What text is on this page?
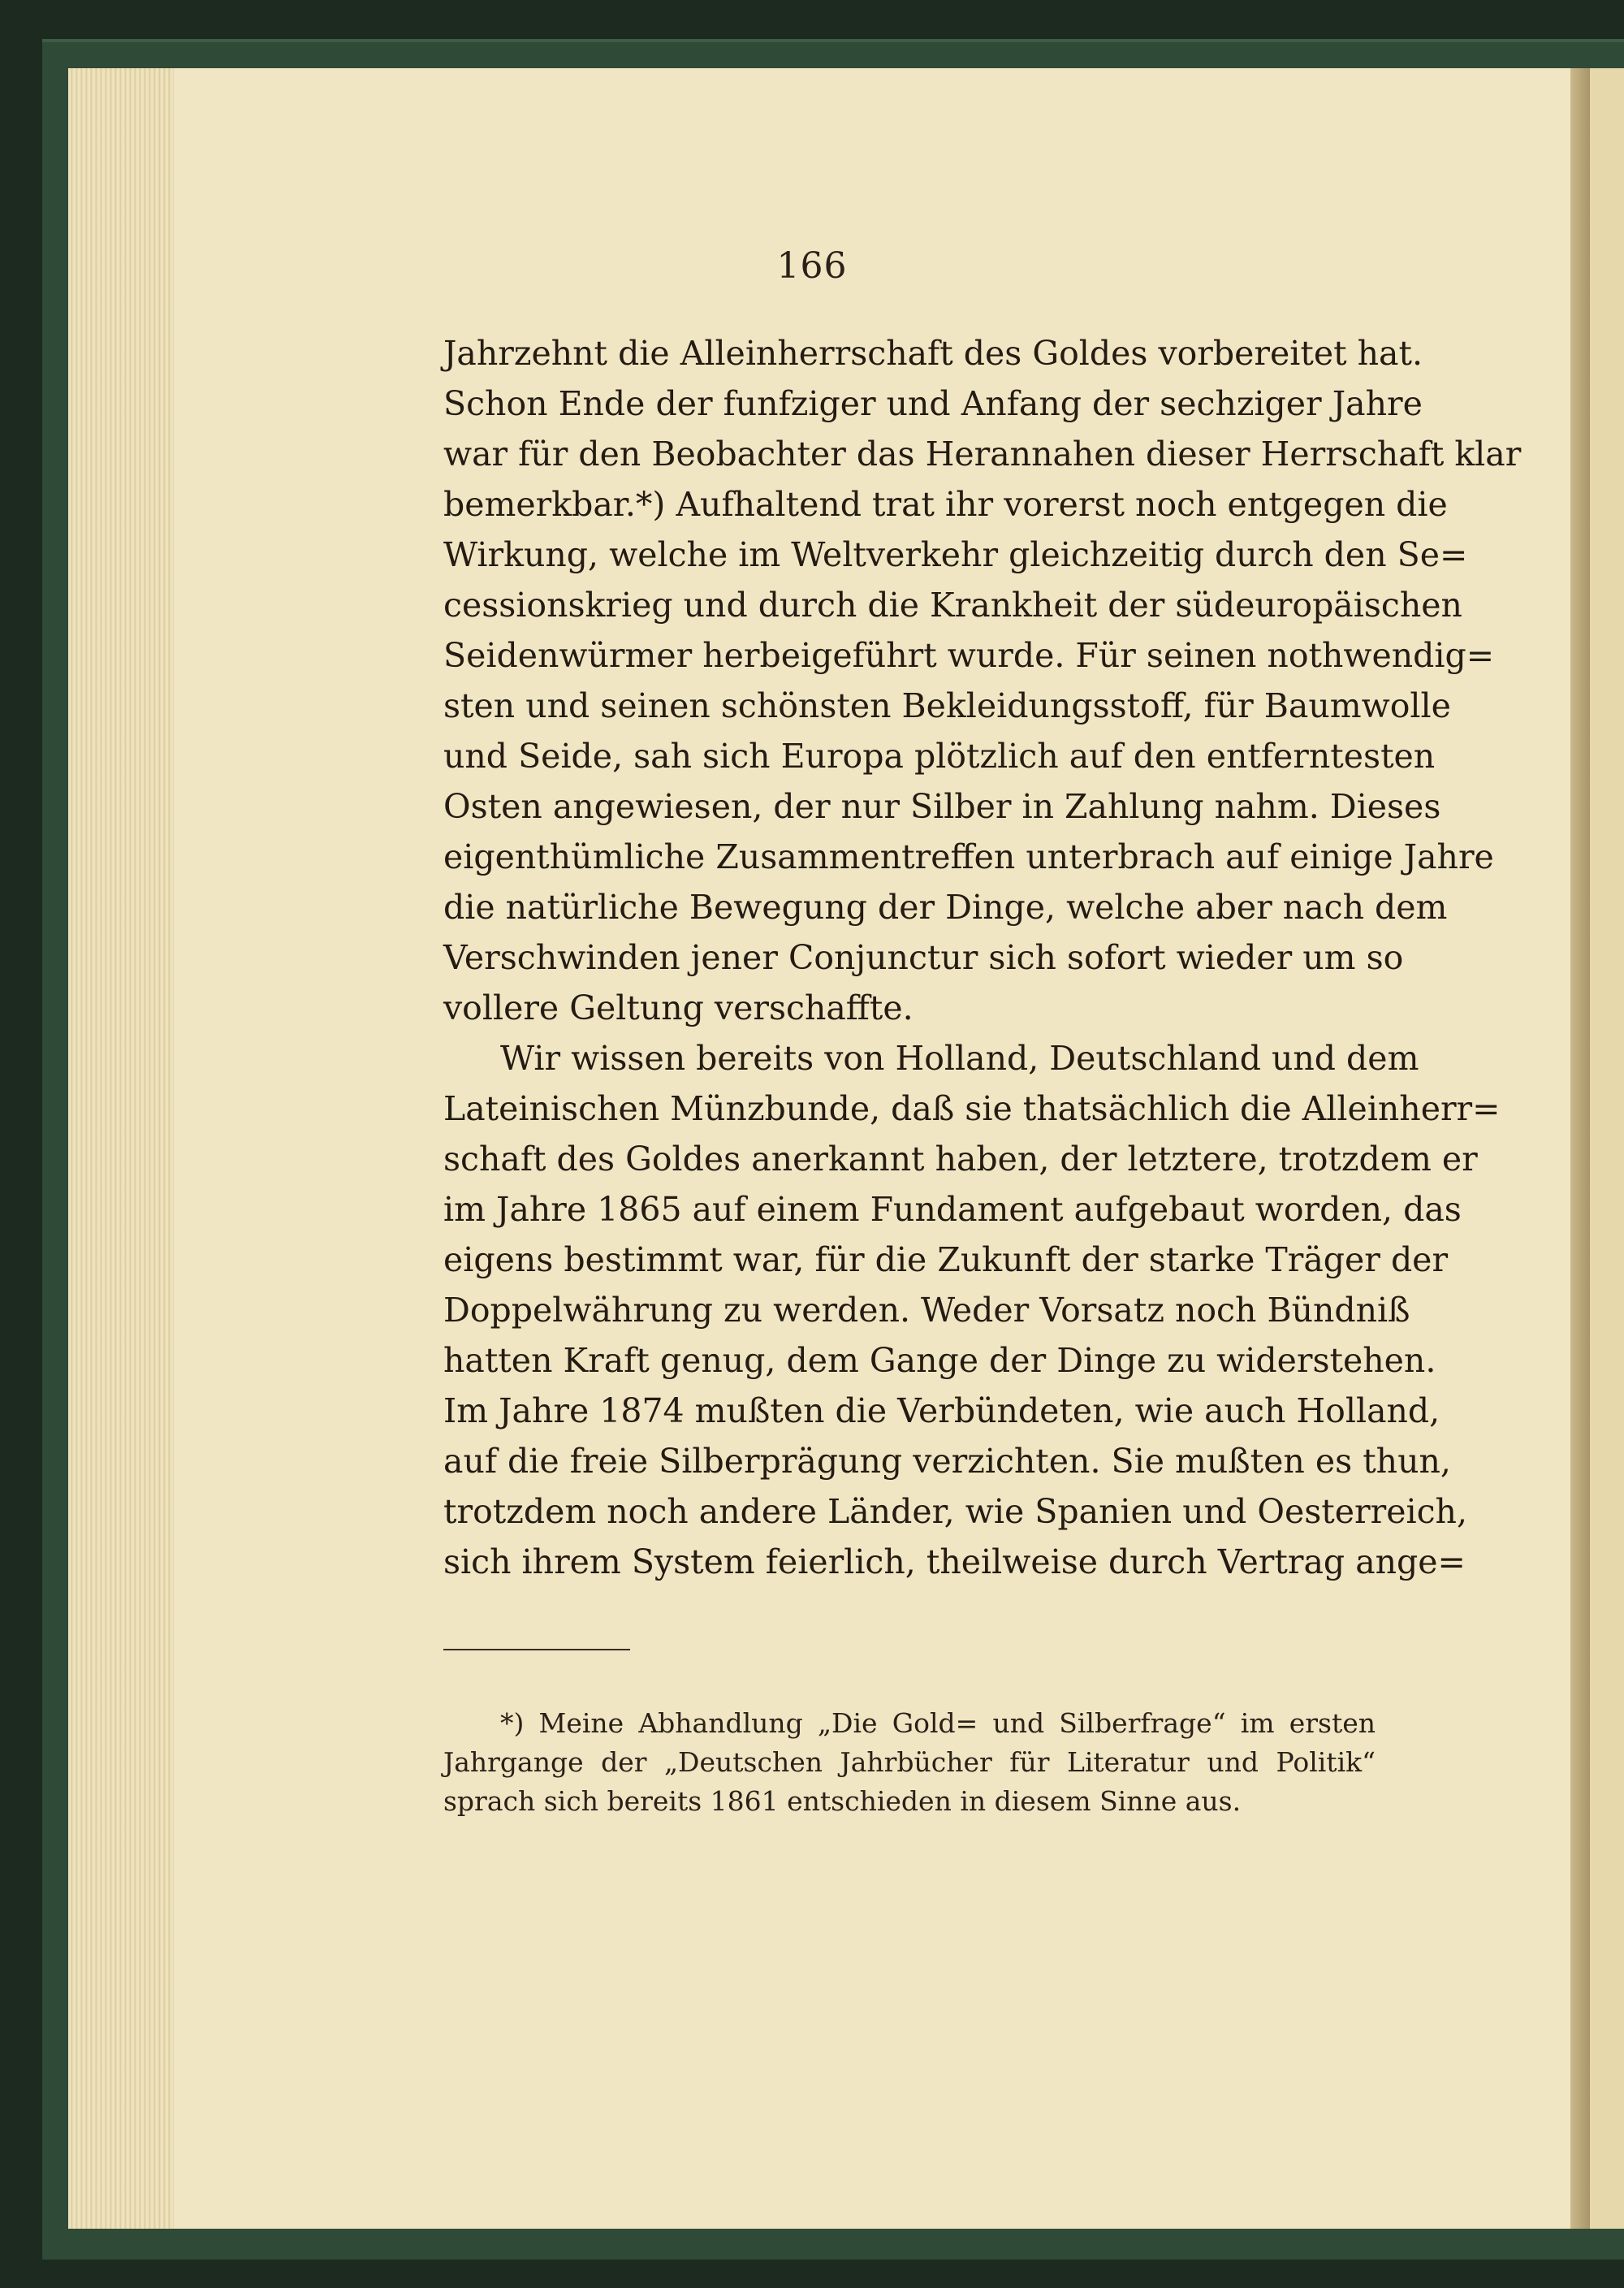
166
Jahrzehnt die Alleinherrschaft des Goldes vorbereitet hat.
Schon Ende der funfziger und Anfang der sechziger Jahre
war für den Beobachter das Herannahen dieser Herrschaft klar
bemerkbar.*) Aufhaltend trat ihr vorerst noch entgegen die
Wirkung, welche im Weltverkehr gleichzeitig durch den Se=
cessionskrieg und durch die Krankheit der südeuropäischen
Seidenwürmer herbeigeführt wurde. Für seinen nothwendig=
sten und seinen schönsten Bekleidungsstoff, für Baumwolle
und Seide, sah sich Europa plötzlich auf den entferntesten
Osten angewiesen, der nur Silber in Zahlung nahm. Dieses
eigenthümliche Zusammentreffen unterbrach auf einige Jahre
die natürliche Bewegung der Dinge, welche aber nach dem
Verschwinden jener Conjunctur sich sofort wieder um so
vollere Geltung verschaffte.
Wir wissen bereits von Holland, Deutschland und dem
Lateinischen Münzbunde, daß sie thatsächlich die Alleinherr=
schaft des Goldes anerkannt haben, der letztere, trotzdem er
im Jahre 1865 auf einem Fundament aufgebaut worden, das
eigens bestimmt war, für die Zukunft der starke Träger der
Doppelwährung zu werden. Weder Vorsatz noch Bündniß
hatten Kraft genug, dem Gange der Dinge zu widerstehen.
Im Jahre 1874 mußten die Verbündeten, wie auch Holland,
auf die freie Silberprägung verzichten. Sie mußten es thun,
trotzdem noch andere Länder, wie Spanien und Oesterreich,
sich ihrem System feierlich, theilweise durch Vertrag ange=
*) Meine Abhandlung „Die Gold= und Silberfrage“ im ersten
Jahrgange der „Deutschen Jahrbücher für Literatur und Politik“
sprach sich bereits 1861 entschieden in diesem Sinne aus.
